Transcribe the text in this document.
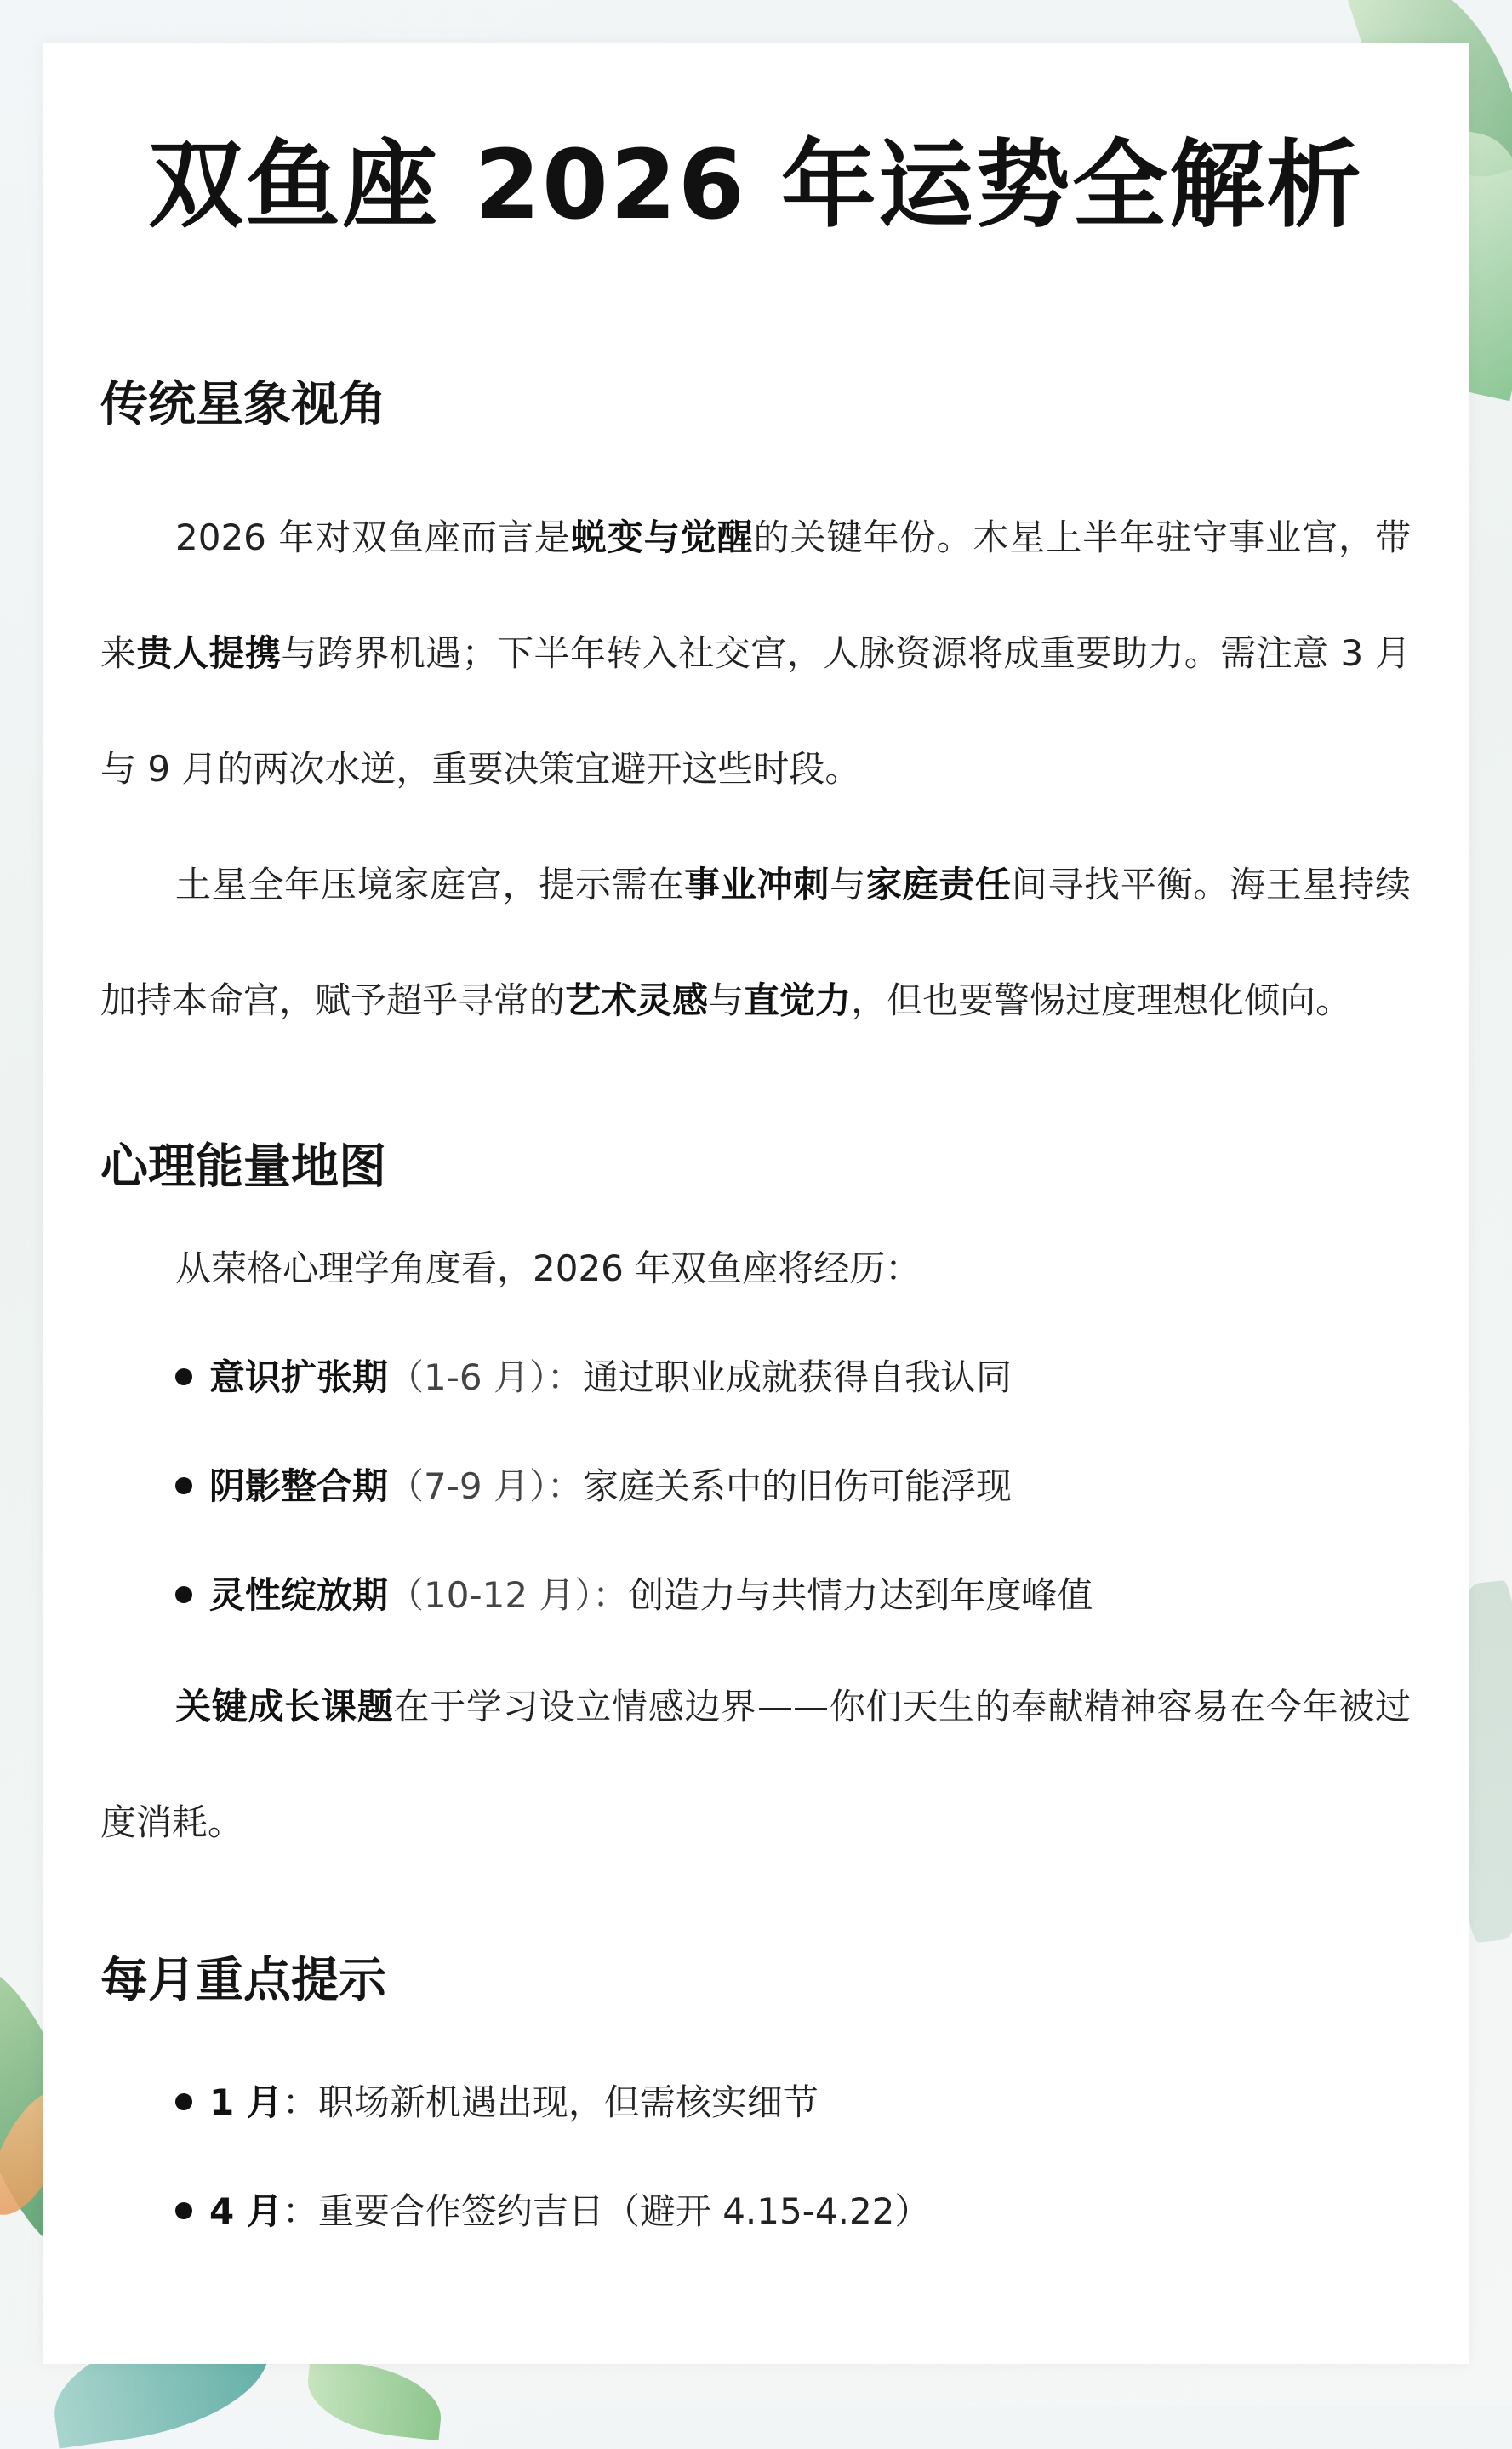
双鱼座 2026 年运势全解析
传统星象视角

2026 年对双鱼座而言是蜕变与觉醒的关键年份。木星上半年驻守事业宫，带来贵人提携与跨界机遇；下半年转入社交宫，人脉资源将成重要助力。需注意 3 月与 9 月的两次水逆，重要决策宜避开这些时段。

土星全年压境家庭宫，提示需在事业冲刺与家庭责任间寻找平衡。海王星持续加持本命宫，赋予超乎寻常的艺术灵感与直觉力，但也要警惕过度理想化倾向。

心理能量地图
从荣格心理学角度看，2026 年双鱼座将经历：
意识扩张期（1-6 月）：通过职业成就获得自我认同
阴影整合期（7-9 月）：家庭关系中的旧伤可能浮现
灵性绽放期（10-12 月）：创造力与共情力达到年度峰值

关键成长课题在于学习设立情感边界——你们天生的奉献精神容易在今年被过度消耗。

每月重点提示
1 月：职场新机遇出现，但需核实细节
4 月：重要合作签约吉日（避开 4.15-4.22）
